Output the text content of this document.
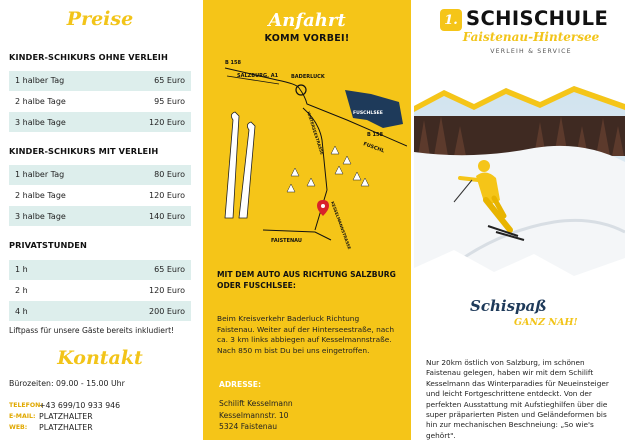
Preise
KINDER-SCHIKURS OHNE VERLEIH
1 halber Tag	65 Euro
2 halbe Tage	95 Euro
3 halbe Tage	120 Euro
KINDER-SCHIKURS MIT VERLEIH
1 halber Tag	80 Euro
2 halbe Tage	120 Euro
3 halbe Tage	140 Euro
PRIVATSTUNDEN
1 h	65 Euro
2 h	120 Euro
4 h	200 Euro
Liftpass für unsere Gäste bereits inkludiert!
Kontakt
Bürozeiten: 09.00 - 15.00 Uhr
TELEFON:
+43 699/10 933 946
E-MAIL: PLATZHALTER
WEB:	PLATZHALTER
Anfahrt
KOMM VORBEI!
B 158
SALZBURG, A1	BADERLUCK
FUSCHLSEE
B 158
FUSCHL
HINTERSEESTRASSE
KESSELMANNSTRASSE
FAISTENAU
MIT DEM AUTO AUS RICHTUNG SALZBURG ODER FUSCHLSEE:
Beim Kreisverkehr Baderluck Richtung Faistenau. Weiter auf der Hinterseestraße, nach ca. 3 km links abbiegen auf Kesselmannstraße. Nach 850 m bist Du bei uns eingetroffen.
ADRESSE:
Schilift Kesselmann
Kesselmannstr. 10
5324 Faistenau
1. SCHISCHULE
Faistenau-Hintersee
VERLEIH & SERVICE
Schispaß
GANZ NAH!
Nur 20km östlich von Salzburg, im schönen Faistenau gelegen, haben wir mit dem Schilift Kesselmann das Winterparadies für Neueinsteiger und leicht Fortgeschrittene entdeckt. Von der perfekten Ausstattung mit Aufstieghilfen über die super präparierten Pisten und Geländeformen bis hin zur mechanischen Beschneiung: „So wie's gehört".
